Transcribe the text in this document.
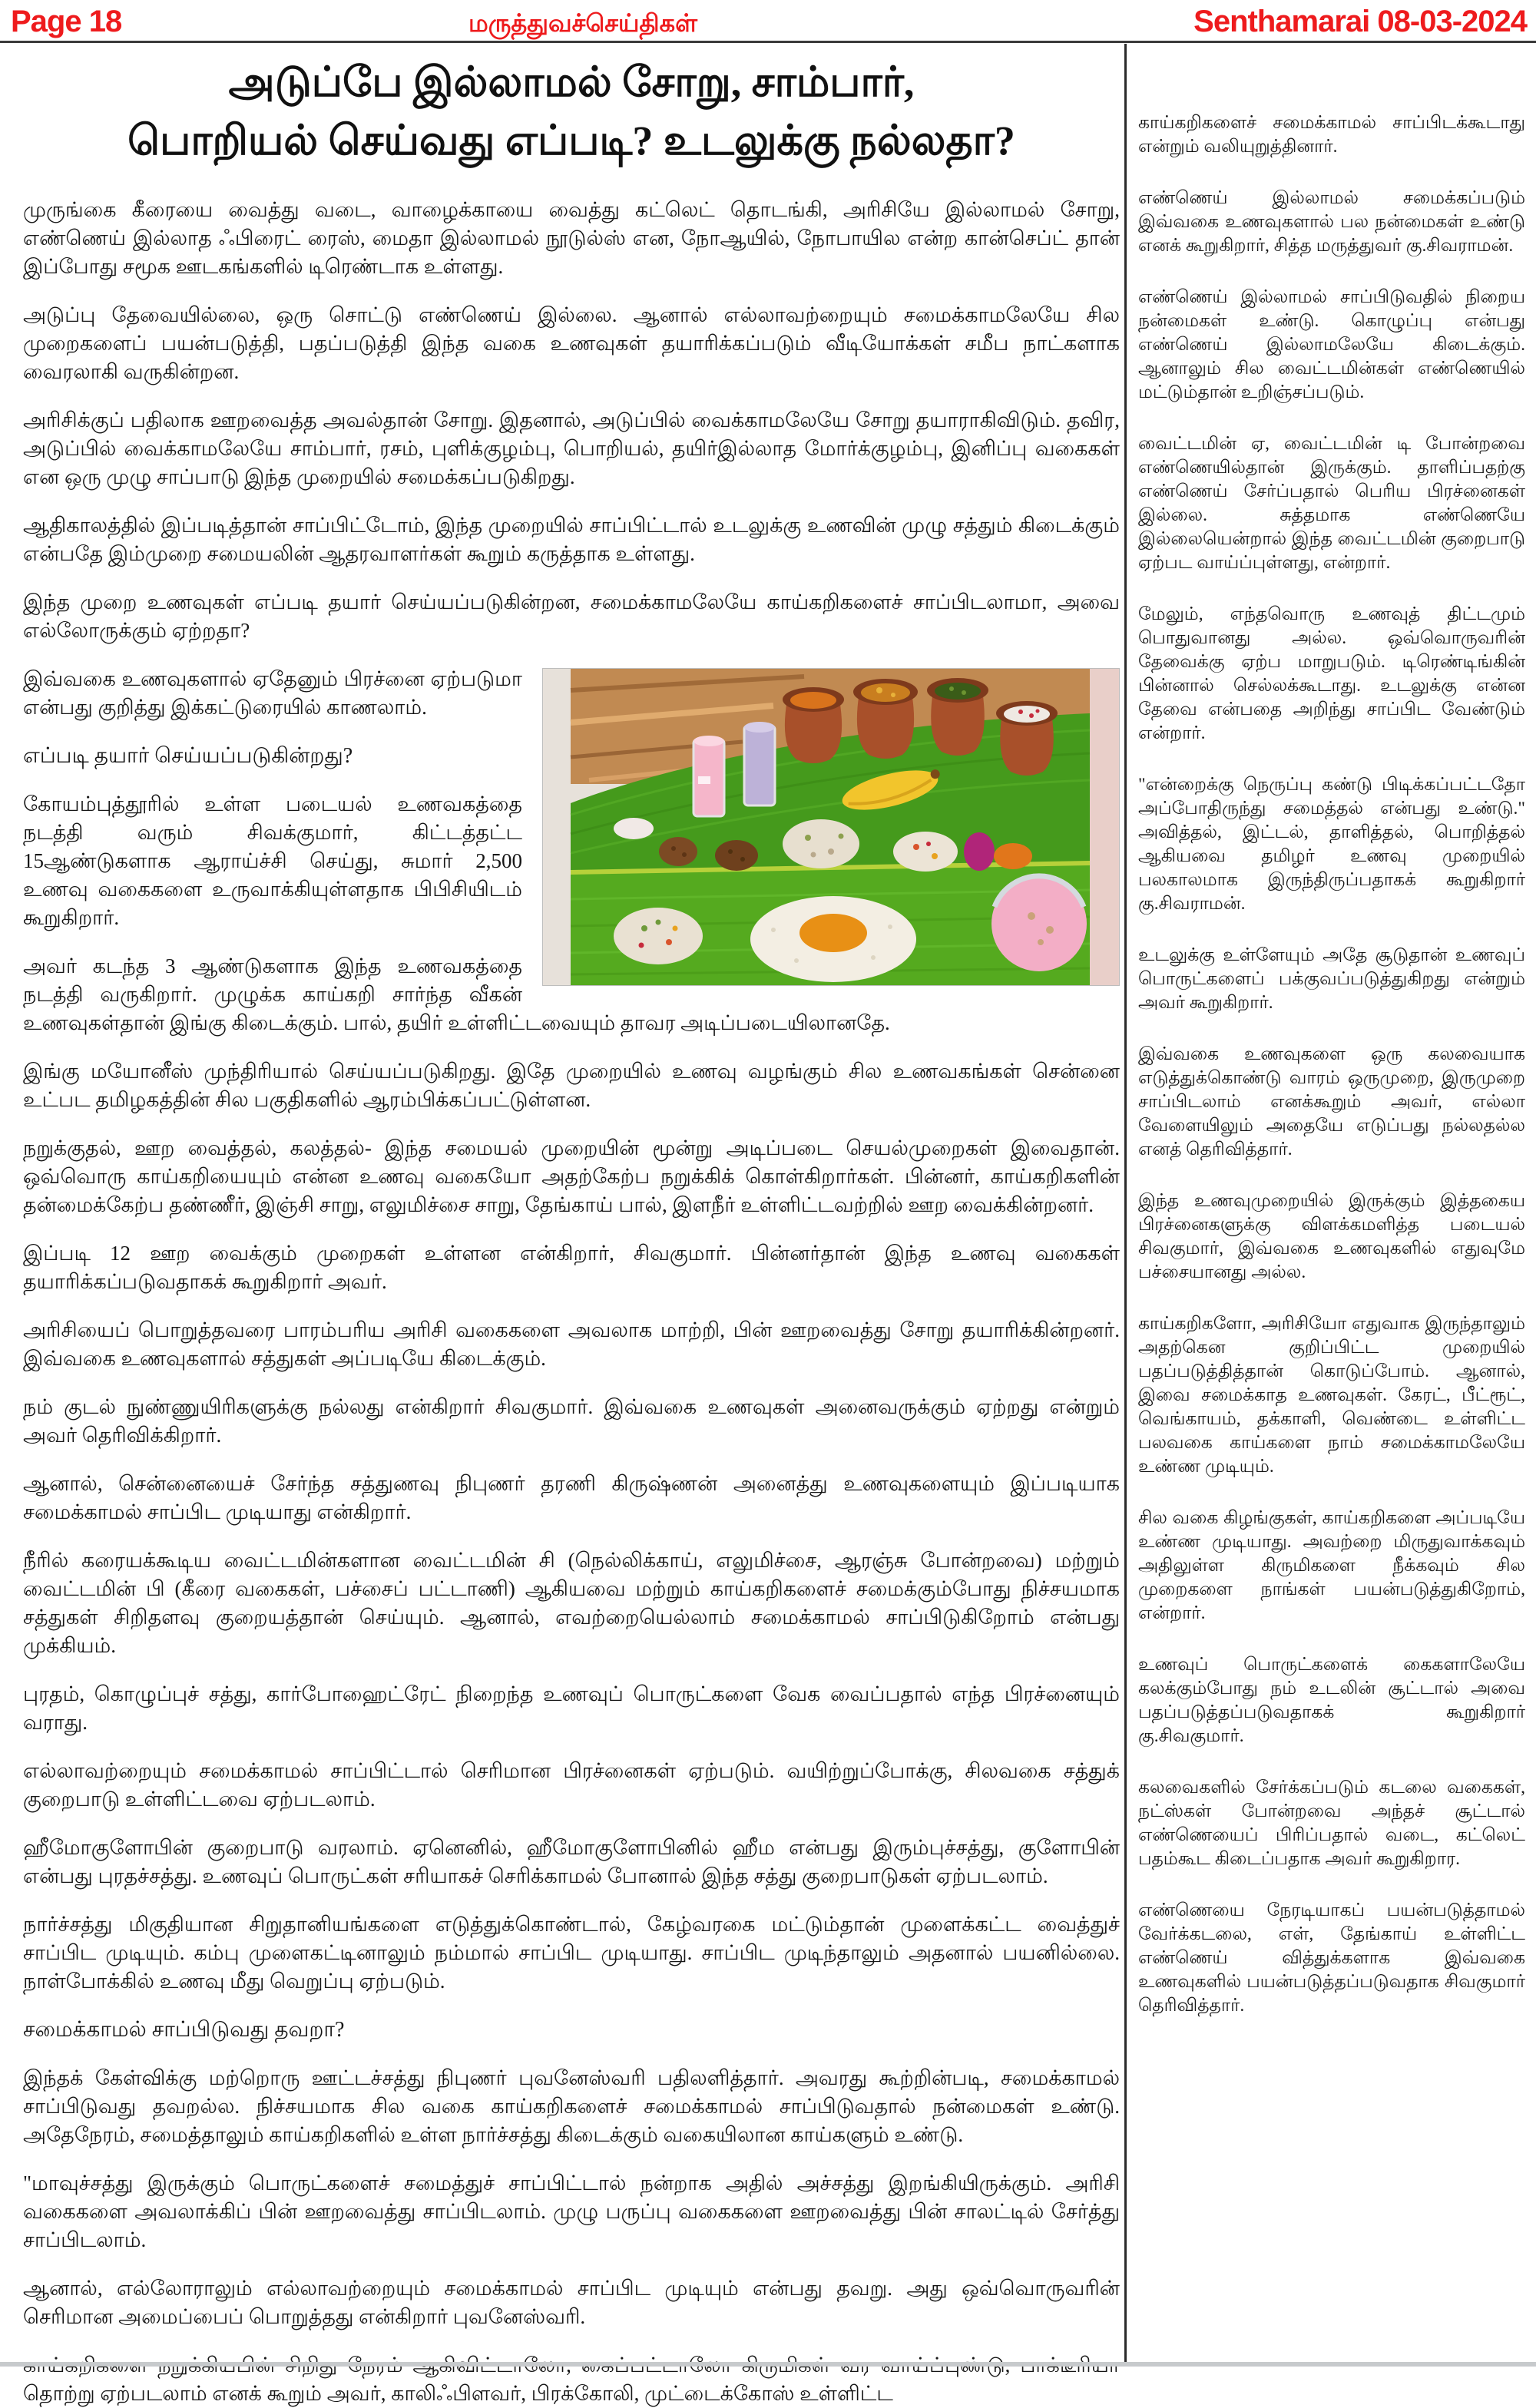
Page 18	மருத்துவச்செய்திகள்	Senthamarai 08-03-2024
அடுப்பே இல்லாமல் சோறு, சாம்பார்,
பொறியல் செய்வது எப்படி? உடலுக்கு நல்லதா?

முருங்கை கீரையை வைத்து வடை, வாழைக்காயை வைத்து கட்லெட் தொடங்கி, அரிசியே இல்லாமல் சோறு, எண்ணெய் இல்லாத ஃபிரைட் ரைஸ், மைதா இல்லாமல் நூடுல்ஸ் என, நோஆயில், நோபாயில என்ற கான்செப்ட் தான் இப்போது சமூக ஊடகங்களில் டிரெண்டாக உள்ளது.

அடுப்பு தேவையில்லை, ஒரு சொட்டு எண்ணெய் இல்லை. ஆனால் எல்லாவற்றையும் சமைக்காமலேயே சில முறைகளைப் பயன்படுத்தி, பதப்படுத்தி இந்த வகை உணவுகள் தயாரிக்கப்படும் வீடியோக்கள் சமீப நாட்களாக வைரலாகி வருகின்றன.

அரிசிக்குப் பதிலாக ஊறவைத்த அவல்தான் சோறு. இதனால், அடுப்பில் வைக்காமலேயே சோறு தயாராகிவிடும். தவிர, அடுப்பில் வைக்காமலேயே சாம்பார், ரசம், புளிக்குழம்பு, பொறியல், தயிர்இல்லாத மோர்க்குழம்பு, இனிப்பு வகைகள் என ஒரு முழு சாப்பாடு இந்த முறையில் சமைக்கப்படுகிறது.

ஆதிகாலத்தில் இப்படித்தான் சாப்பிட்டோம், இந்த முறையில் சாப்பிட்டால் உடலுக்கு உணவின் முழு சத்தும் கிடைக்கும் என்பதே இம்முறை சமையலின் ஆதரவாளர்கள் கூறும் கருத்தாக உள்ளது.

இந்த முறை உணவுகள் எப்படி தயார் செய்யப்படுகின்றன, சமைக்காமலேயே காய்கறிகளைச் சாப்பிடலாமா, அவை எல்லோருக்கும் ஏற்றதா?

இவ்வகை உணவுகளால் ஏதேனும் பிரச்னை ஏற்படுமா என்பது குறித்து இக்கட்டுரையில் காணலாம்.

எப்படி தயார் செய்யப்படுகின்றது?

கோயம்புத்தூரில் உள்ள படையல் உணவகத்தை நடத்தி வரும் சிவக்குமார், கிட்டத்தட்ட 15ஆண்டுகளாக ஆராய்ச்சி செய்து, சுமார் 2,500 உணவு வகைகளை உருவாக்கியுள்ளதாக பிபிசியிடம் கூறுகிறார்.

அவர் கடந்த 3 ஆண்டுகளாக இந்த உணவகத்தை நடத்தி வருகிறார். முழுக்க காய்கறி சார்ந்த வீகன் உணவுகள்தான் இங்கு கிடைக்கும். பால், தயிர் உள்ளிட்டவையும் தாவர அடிப்படையிலானதே.

இங்கு மயோனீஸ் முந்திரியால் செய்யப்படுகிறது. இதே முறையில் உணவு வழங்கும் சில உணவகங்கள் சென்னை உட்பட தமிழகத்தின் சில பகுதிகளில் ஆரம்பிக்கப்பட்டுள்ளன.

நறுக்குதல், ஊற வைத்தல், கலத்தல்- இந்த சமையல் முறையின் மூன்று அடிப்படை செயல்முறைகள் இவைதான். ஒவ்வொரு காய்கறியையும் என்ன உணவு வகையோ அதற்கேற்ப நறுக்கிக் கொள்கிறார்கள். பின்னர், காய்கறிகளின் தன்மைக்கேற்ப தண்ணீர், இஞ்சி சாறு, எலுமிச்சை சாறு, தேங்காய் பால், இளநீர் உள்ளிட்டவற்றில் ஊற வைக்கின்றனர்.

இப்படி 12 ஊற வைக்கும் முறைகள் உள்ளன என்கிறார், சிவகுமார். பின்னர்தான் இந்த உணவு வகைகள் தயாரிக்கப்படுவதாகக் கூறுகிறார் அவர்.

அரிசியைப் பொறுத்தவரை பாரம்பரிய அரிசி வகைகளை அவலாக மாற்றி, பின் ஊறவைத்து சோறு தயாரிக்கின்றனர். இவ்வகை உணவுகளால் சத்துகள் அப்படியே கிடைக்கும்.

நம் குடல் நுண்ணுயிரிகளுக்கு நல்லது என்கிறார் சிவகுமார். இவ்வகை உணவுகள் அனைவருக்கும் ஏற்றது என்றும் அவர் தெரிவிக்கிறார்.

ஆனால், சென்னையைச் சேர்ந்த சத்துணவு நிபுணர் தரணி கிருஷ்ணன் அனைத்து உணவுகளையும் இப்படியாக சமைக்காமல் சாப்பிட முடியாது என்கிறார்.

நீரில் கரையக்கூடிய வைட்டமின்களான வைட்டமின் சி (நெல்லிக்காய், எலுமிச்சை, ஆரஞ்சு போன்றவை) மற்றும் வைட்டமின் பி (கீரை வகைகள், பச்சைப் பட்டாணி) ஆகியவை மற்றும் காய்கறிகளைச் சமைக்கும்போது நிச்சயமாக சத்துகள் சிறிதளவு குறையத்தான் செய்யும். ஆனால், எவற்றையெல்லாம் சமைக்காமல் சாப்பிடுகிறோம் என்பது முக்கியம்.

புரதம், கொழுப்புச் சத்து, கார்போஹைட்ரேட் நிறைந்த உணவுப் பொருட்களை வேக வைப்பதால் எந்த பிரச்னையும் வராது.

எல்லாவற்றையும் சமைக்காமல் சாப்பிட்டால் செரிமான பிரச்னைகள் ஏற்படும். வயிற்றுப்போக்கு, சிலவகை சத்துக் குறைபாடு உள்ளிட்டவை ஏற்படலாம்.

ஹீமோகுளோபின் குறைபாடு வரலாம். ஏனெனில், ஹீமோகுளோபினில் ஹீம என்பது இரும்புச்சத்து, குளோபின் என்பது புரதச்சத்து. உணவுப் பொருட்கள் சரியாகச் செரிக்காமல் போனால் இந்த சத்து குறைபாடுகள் ஏற்படலாம்.

நார்ச்சத்து மிகுதியான சிறுதானியங்களை எடுத்துக்கொண்டால், கேழ்வரகை மட்டும்தான் முளைக்கட்ட வைத்துச் சாப்பிட முடியும். கம்பு முளைகட்டினாலும் நம்மால் சாப்பிட முடியாது. சாப்பிட முடிந்தாலும் அதனால் பயனில்லை. நாள்போக்கில் உணவு மீது வெறுப்பு ஏற்படும்.

சமைக்காமல் சாப்பிடுவது தவறா?

இந்தக் கேள்விக்கு மற்றொரு ஊட்டச்சத்து நிபுணர் புவனேஸ்வரி பதிலளித்தார். அவரது கூற்றின்படி, சமைக்காமல் சாப்பிடுவது தவறல்ல. நிச்சயமாக சில வகை காய்கறிகளைச் சமைக்காமல் சாப்பிடுவதால் நன்மைகள் உண்டு. அதேநேரம், சமைத்தாலும் காய்கறிகளில் உள்ள நார்ச்சத்து கிடைக்கும் வகையிலான காய்களும் உண்டு.

"மாவுச்சத்து இருக்கும் பொருட்களைச் சமைத்துச் சாப்பிட்டால் நன்றாக அதில் அச்சத்து இறங்கியிருக்கும். அரிசி வகைகளை அவலாக்கிப் பின் ஊறவைத்து சாப்பிடலாம். முழு பருப்பு வகைகளை ஊறவைத்து பின் சாலட்டில் சேர்த்து சாப்பிடலாம்.

ஆனால், எல்லோராலும் எல்லாவற்றையும் சமைக்காமல் சாப்பிட முடியும் என்பது தவறு. அது ஒவ்வொருவரின் செரிமான அமைப்பைப் பொறுத்தது என்கிறார் புவனேஸ்வரி.

தொற்று ஏற்படலாம் எனக் கூறும் அவர், காலிஃபிளவர், பிரக்கோலி, முட்டைக்கோஸ் உள்ளிட்ட

காய்கறிகளைச் சமைக்காமல் சாப்பிடக்கூடாது என்றும் வலியுறுத்தினார்.

எண்ணெய் இல்லாமல் சமைக்கப்படும் இவ்வகை உணவுகளால் பல நன்மைகள் உண்டு எனக் கூறுகிறார், சித்த மருத்துவர் கு.சிவராமன்.

எண்ணெய் இல்லாமல் சாப்பிடுவதில் நிறைய நன்மைகள் உண்டு. கொழுப்பு என்பது எண்ணெய் இல்லாமலேயே கிடைக்கும். ஆனாலும் சில வைட்டமின்கள் எண்ணெயில் மட்டும்தான் உறிஞ்சப்படும்.

வைட்டமின் ஏ, வைட்டமின் டி போன்றவை எண்ணெயில்தான் இருக்கும். தாளிப்பதற்கு எண்ணெய் சேர்ப்பதால் பெரிய பிரச்னைகள் இல்லை. சுத்தமாக எண்ணெயே இல்லையென்றால் இந்த வைட்டமின் குறைபாடு ஏற்பட வாய்ப்புள்ளது, என்றார்.

மேலும், எந்தவொரு உணவுத் திட்டமும் பொதுவானது அல்ல. ஒவ்வொருவரின் தேவைக்கு ஏற்ப மாறுபடும். டிரெண்டிங்கின் பின்னால் செல்லக்கூடாது. உடலுக்கு என்ன தேவை என்பதை அறிந்து சாப்பிட வேண்டும் என்றார்.

"என்றைக்கு நெருப்பு கண்டு பிடிக்கப்பட்டதோ அப்போதிருந்து சமைத்தல் என்பது உண்டு." அவித்தல், இட்டல், தாளித்தல், பொறித்தல் ஆகியவை தமிழர் உணவு முறையில் பலகாலமாக இருந்திருப்பதாகக் கூறுகிறார் கு.சிவராமன்.

உடலுக்கு உள்ளேயும் அதே சூடுதான் உணவுப் பொருட்களைப் பக்குவப்படுத்துகிறது என்றும் அவர் கூறுகிறார்.

இவ்வகை உணவுகளை ஒரு கலவையாக எடுத்துக்கொண்டு வாரம் ஒருமுறை, இருமுறை சாப்பிடலாம் எனக்கூறும் அவர், எல்லா வேளையிலும் அதையே எடுப்பது நல்லதல்ல எனத் தெரிவித்தார்.

இந்த உணவுமுறையில் இருக்கும் இத்தகைய பிரச்னைகளுக்கு விளக்கமளித்த படையல் சிவகுமார், இவ்வகை உணவுகளில் எதுவுமே பச்சையானது அல்ல.

காய்கறிகளோ, அரிசியோ எதுவாக இருந்தாலும் அதற்கென குறிப்பிட்ட முறையில் பதப்படுத்தித்தான் கொடுப்போம். ஆனால், இவை சமைக்காத உணவுகள். கேரட், பீட்ரூட், வெங்காயம், தக்காளி, வெண்டை உள்ளிட்ட பலவகை காய்களை நாம் சமைக்காமலேயே உண்ண முடியும்.

சில வகை கிழங்குகள், காய்கறிகளை அப்படியே உண்ண முடியாது. அவற்றை மிருதுவாக்கவும் அதிலுள்ள கிருமிகளை நீக்கவும் சில முறைகளை நாங்கள் பயன்படுத்துகிறோம், என்றார்.

உணவுப் பொருட்களைக் கைகளாலேயே கலக்கும்போது நம் உடலின் சூட்டால் அவை பதப்படுத்தப்படுவதாகக் கூறுகிறார் கு.சிவகுமார்.

கலவைகளில் சேர்க்கப்படும் கடலை வகைகள், நட்ஸ்கள் போன்றவை அந்தச் சூட்டால் எண்ணெயைப் பிரிப்பதால் வடை, கட்லெட் பதம்கூட கிடைப்பதாக அவர் கூறுகிறார.

எண்ணெயை நேரடியாகப் பயன்படுத்தாமல் வேர்க்கடலை, எள், தேங்காய் உள்ளிட்ட எண்ணெய் வித்துக்களாக இவ்வகை உணவுகளில் பயன்படுத்தப்படுவதாக சிவகுமார் தெரிவித்தார்.
